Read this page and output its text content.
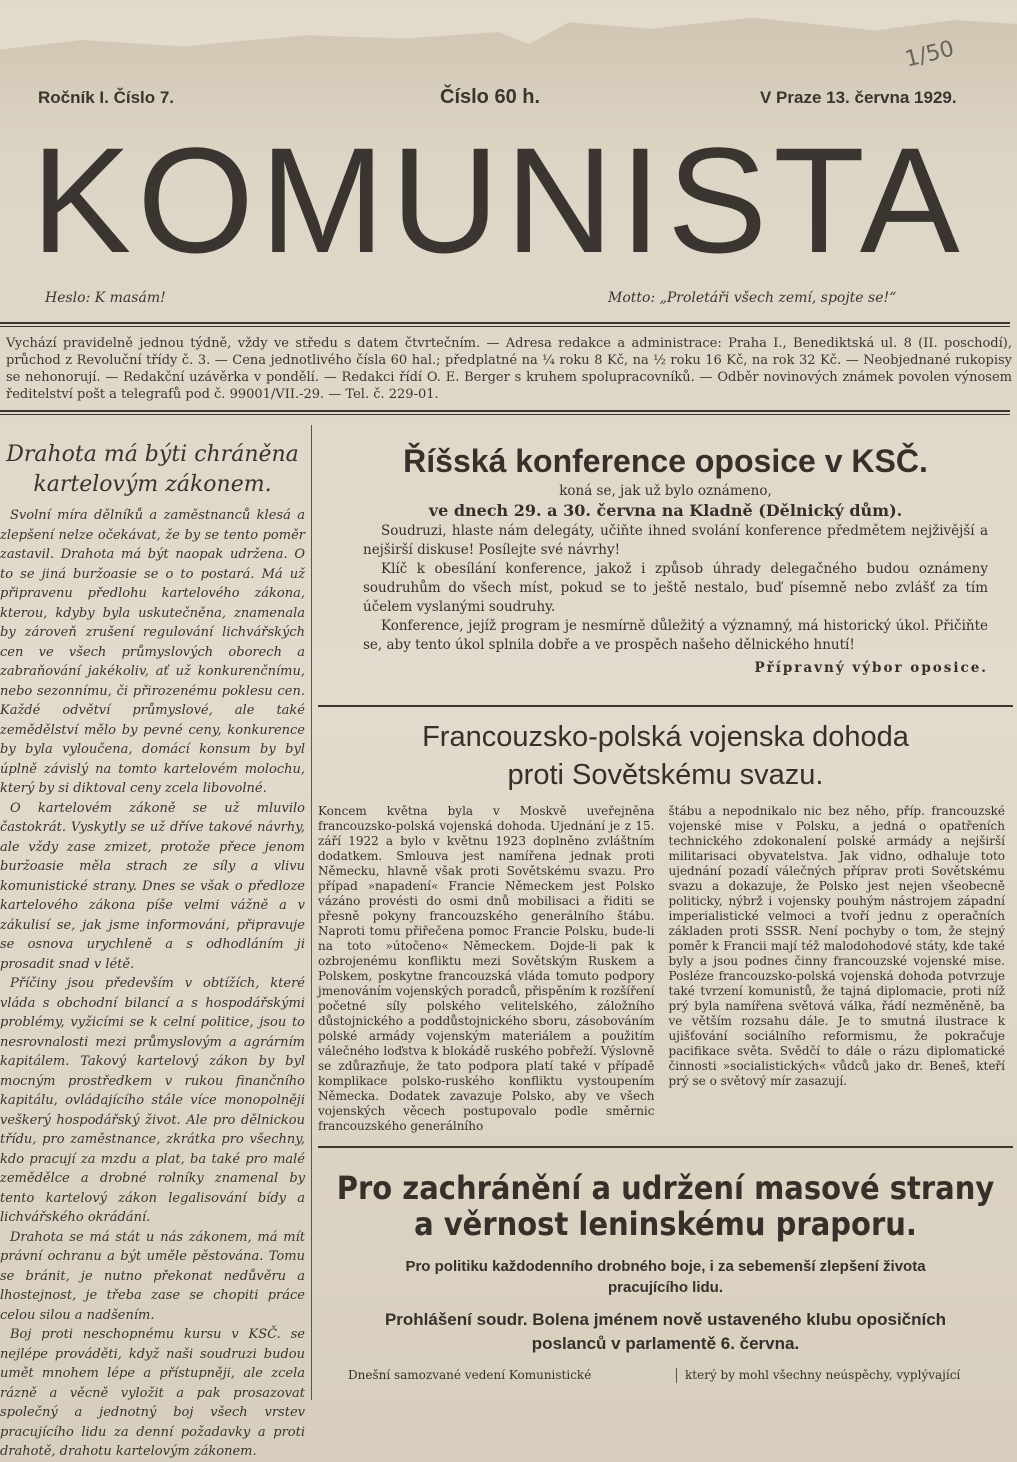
1/50
Ročník I. Číslo 7.	Číslo 60 h.	V Praze 13. června 1929.
KOMUNISTA
Heslo: K masám!	Motto: „Proletáři všech zemí, spojte se!“
Vychází pravidelně jednou týdně, vždy ve středu s datem čtvrtečním. — Adresa redakce a administrace: Praha I., Benediktská ul. 8 (II. poschodí), průchod z Revoluční třídy č. 3. — Cena jednotlivého čísla 60 hal.; předplatné na ¼ roku 8 Kč, na ½ roku 16 Kč, na rok 32 Kč. — Neobjednané rukopisy se nehonorují. — Redakční uzávěrka v pondělí. — Redakci řídí O. E. Berger s kruhem spolupracovníků. — Odběr novinových známek povolen výnosem ředitelství pošt a telegrafů pod č. 99001/VII.-29. — Tel. č. 229-01.
Drahota má býti chráněna kartelovým zákonem.

Svolní míra dělníků a zaměstnanců klesá a zlepšení nelze očekávat, že by se tento poměr zastavil. Drahota má být naopak udržena. O to se jiná buržoasie se o to postará. Má už připravenu předlohu kartelového zákona, kterou, kdyby byla uskutečněna, znamenala by zároveň zrušení regulování lichvářských cen ve všech průmyslových oborech a zabraňování jakékoliv, ať už konkurenčnímu, nebo sezonnímu, či přirozenému poklesu cen. Každé odvětví průmyslové, ale také zemědělství mělo by pevné ceny, konkurence by byla vyloučena, domácí konsum by byl úplně závislý na tomto kartelovém molochu, který by si diktoval ceny zcela libovolné.

O kartelovém zákoně se už mluvilo častokrát. Vyskytly se už dříve takové návrhy, ale vždy zase zmizet, protože přece jenom buržoasie měla strach ze síly a vlivu komunistické strany. Dnes se však o předloze kartelového zákona píše velmi vážně a v zákulisí se, jak jsme informováni, připravuje se osnova urychleně a s odhodláním ji prosadit snad v létě.

Příčiny jsou především v obtížích, které vláda s obchodní bilancí a s hospodářskými problémy, vyžicími se k celní politice, jsou to nesrovnalosti mezi průmyslovým a agrárním kapitálem. Takový kartelový zákon by byl mocným prostředkem v rukou finančního kapitálu, ovládajícího stále více monopolněji veškerý hospodářský život. Ale pro dělnickou třídu, pro zaměstnance, zkrátka pro všechny, kdo pracují za mzdu a plat, ba také pro malé zemědělce a drobné rolníky znamenal by tento kartelový zákon legalisování bídy a lichvářského okrádání.

Drahota se má stát u nás zákonem, má mít právní ochranu a být uměle pěstována. Tomu se bránit, je nutno překonat nedůvěru a lhostejnost, je třeba zase se chopiti práce celou silou a nadšením.

Boj proti neschopnému kursu v KSČ. se nejlépe prováděti, když naši soudruzi budou umět mnohem lépe a přístupněji, ale zcela rázně a věcně vyložit a pak prosazovat společný a jednotný boj všech vrstev pracujícího lidu za denní požadavky a proti drahotě, drahotu kartelovým zákonem.

Říšská konference oposice v KSČ.
koná se, jak už bylo oznámeno,
ve dnech 29. a 30. června na Kladně (Dělnický dům).

Soudruzi, hlaste nám delegáty, učiňte ihned svolání konference předmětem nejživější a nejširší diskuse! Posílejte své návrhy!

Klíč k obesílání konference, jakož i způsob úhrady delegačného budou oznámeny soudruhům do všech míst, pokud se to ještě nestalo, buď písemně nebo zvlášť za tím účelem vyslanými soudruhy.

Konference, jejíž program je nesmírně důležitý a významný, má historický úkol. Přičiňte se, aby tento úkol splnila dobře a ve prospěch našeho dělnického hnutí!

Přípravný výbor oposice.

Francouzsko-polská vojenska dohoda
proti Sovětskému svazu.
Koncem května byla v Moskvě uveřejněna francouzsko-polská vojenská dohoda. Ujednání je z 15. září 1922 a bylo v květnu 1923 doplněno zvláštním dodatkem. Smlouva jest namířena jednak proti Německu, hlavně však proti Sovětskému svazu. Pro případ »napadení« Francie Německem jest Polsko vázáno provésti do osmi dnů mobilisaci a řiditi se přesně pokyny francouzského generálního štábu. Naproti tomu přiřečena pomoc Francie Polsku, bude-li na toto »útočeno« Německem. Dojde-li pak k ozbrojenému konfliktu mezi Sovětským Ruskem a Polskem, poskytne francouzská vláda tomuto podpory jmenováním vojenských poradců, přispěním k rozšíření početné síly polského velitelského, záložního důstojnického a poddůstojnického sboru, zásobováním polské armády vojenským materiálem a použitím válečného loďstva k blokádě ruského pobřeží. Výslovně se zdůrazňuje, že tato podpora platí také v případě komplikace polsko-ruského konfliktu vystoupením Německa. Dodatek zavazuje Polsko, aby ve všech vojenských věcech postupovalo podle směrnic francouzského generálního
štábu a nepodnikalo nic bez něho, příp. francouzské vojenské mise v Polsku, a jedná o opatřeních technického zdokonalení polské armády a nejširší militarisaci obyvatelstva. Jak vidno, odhaluje toto ujednání pozadí válečných příprav proti Sovětskému svazu a dokazuje, že Polsko jest nejen všeobecně politicky, nýbrž i vojensky pouhým nástrojem západní imperialistické velmoci a tvoří jednu z operačních základen proti SSSR. Není pochyby o tom, že stejný poměr k Francii mají též malodohodové státy, kde také byly a jsou podnes činny francouzské vojenské mise. Posléze francouzsko-polská vojenská dohoda potvrzuje také tvrzení komunistů, že tajná diplomacie, proti níž prý byla namířena světová válka, řádí nezměněně, ba ve větším rozsahu dále. Je to smutná ilustrace k ujišťování sociálního reformismu, že pokračuje pacifikace světa. Svědčí to dále o rázu diplomatické činnosti »socialistických« vůdců jako dr. Beneš, kteří prý se o světový mír zasazují.
Pro zachránění a udržení masové strany
a věrnost leninskému praporu.
Pro politiku každodenního drobného boje, i za sebemenší zlepšení života
pracujícího lidu.
Prohlášení soudr. Bolena jménem nově ustaveného klubu oposičních
poslanců v parlamentě 6. června.
Dnešní samozvané vedení Komunistické	který by mohl všechny neúspěchy, vyplývající
